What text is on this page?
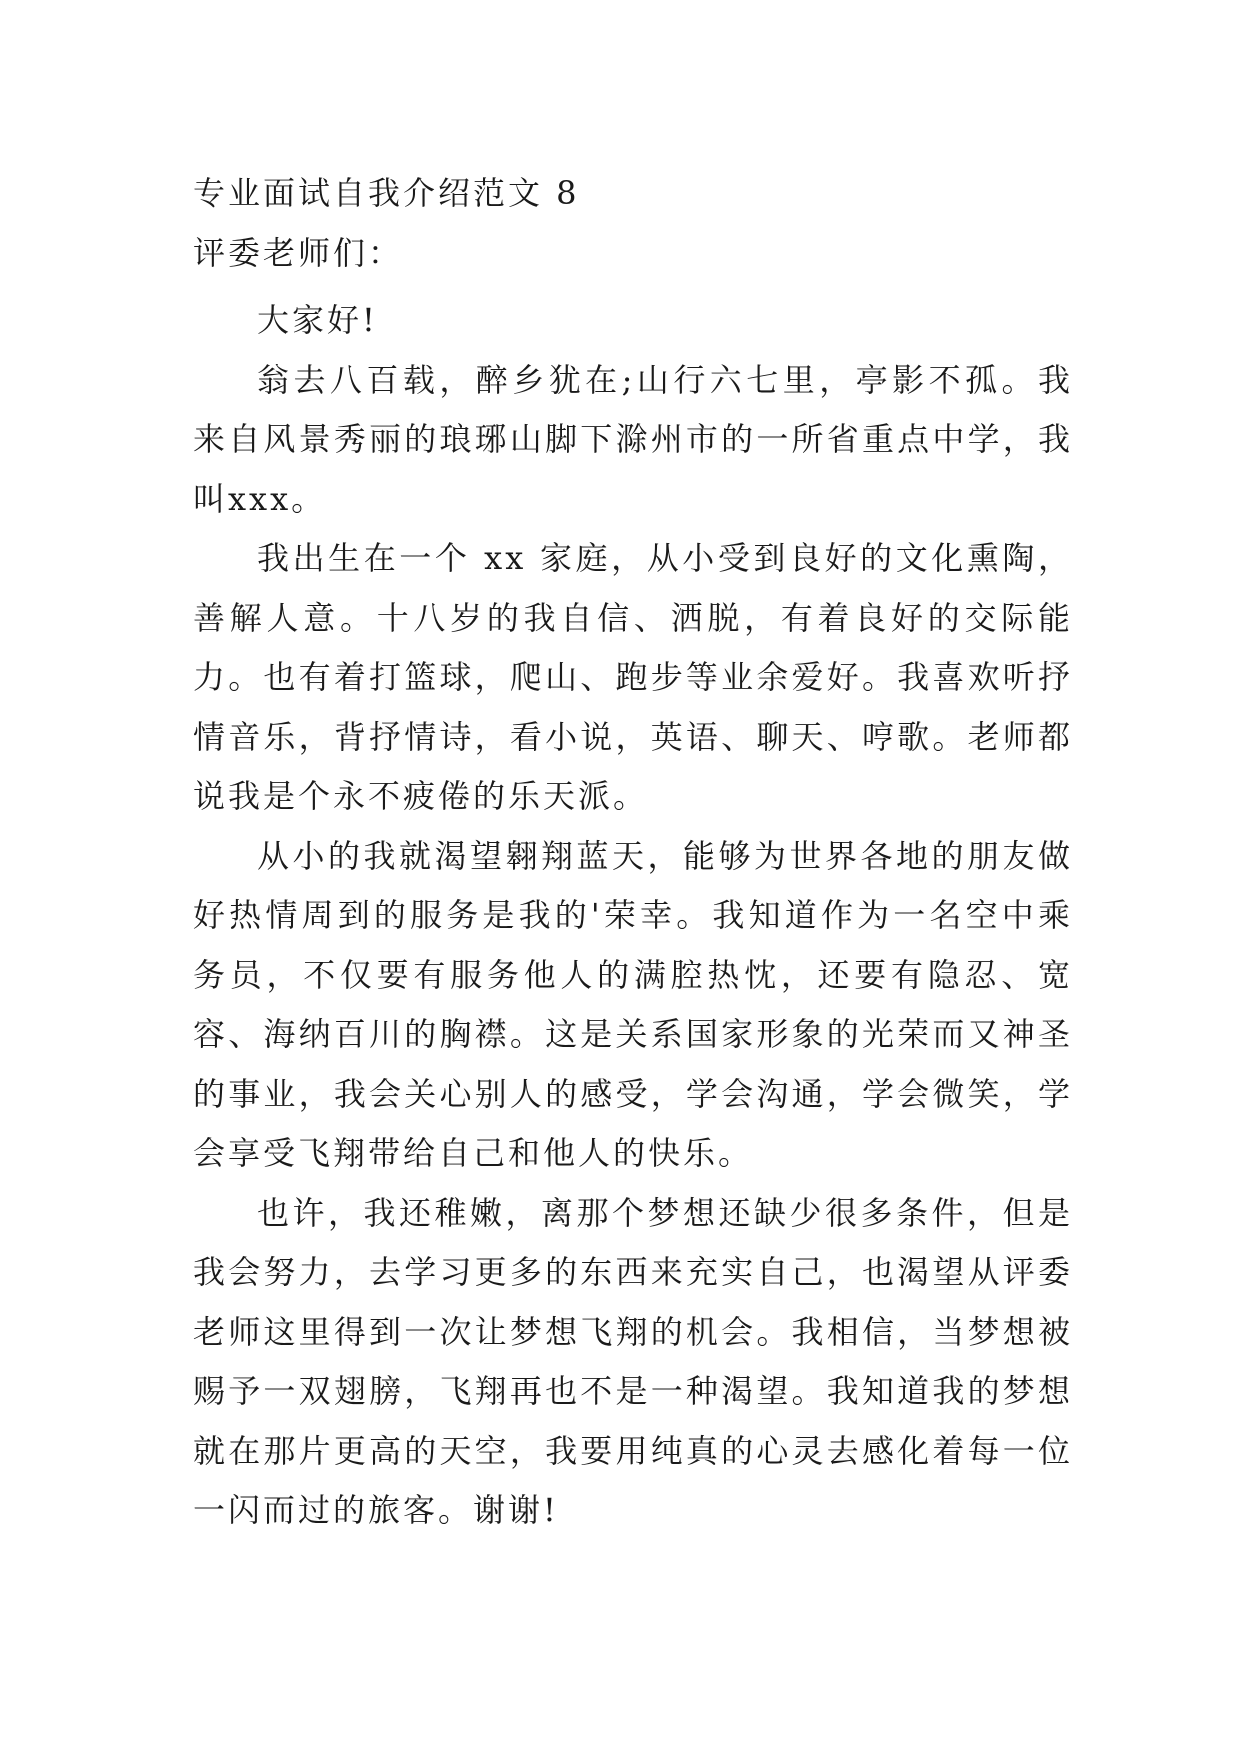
专业面试自我介绍范文 8

评委老师们：

大家好!

翁去八百载，醉乡犹在;山行六七里，亭影不孤。我来自风景秀丽的琅琊山脚下滁州市的一所省重点中学，我叫xxx。

我出生在一个 xx 家庭，从小受到良好的文化熏陶，善解人意。十八岁的我自信、洒脱，有着良好的交际能力。也有着打篮球，爬山、跑步等业余爱好。我喜欢听抒情音乐，背抒情诗，看小说，英语、聊天、哼歌。老师都说我是个永不疲倦的乐天派。

从小的我就渴望翱翔蓝天，能够为世界各地的朋友做好热情周到的服务是我的'荣幸。我知道作为一名空中乘务员，不仅要有服务他人的满腔热忱，还要有隐忍、宽容、海纳百川的胸襟。这是关系国家形象的光荣而又神圣的事业，我会关心别人的感受，学会沟通，学会微笑，学会享受飞翔带给自己和他人的快乐。

也许，我还稚嫩，离那个梦想还缺少很多条件，但是我会努力，去学习更多的东西来充实自己，也渴望从评委老师这里得到一次让梦想飞翔的机会。我相信，当梦想被赐予一双翅膀，飞翔再也不是一种渴望。我知道我的梦想就在那片更高的天空，我要用纯真的心灵去感化着每一位一闪而过的旅客。谢谢!
